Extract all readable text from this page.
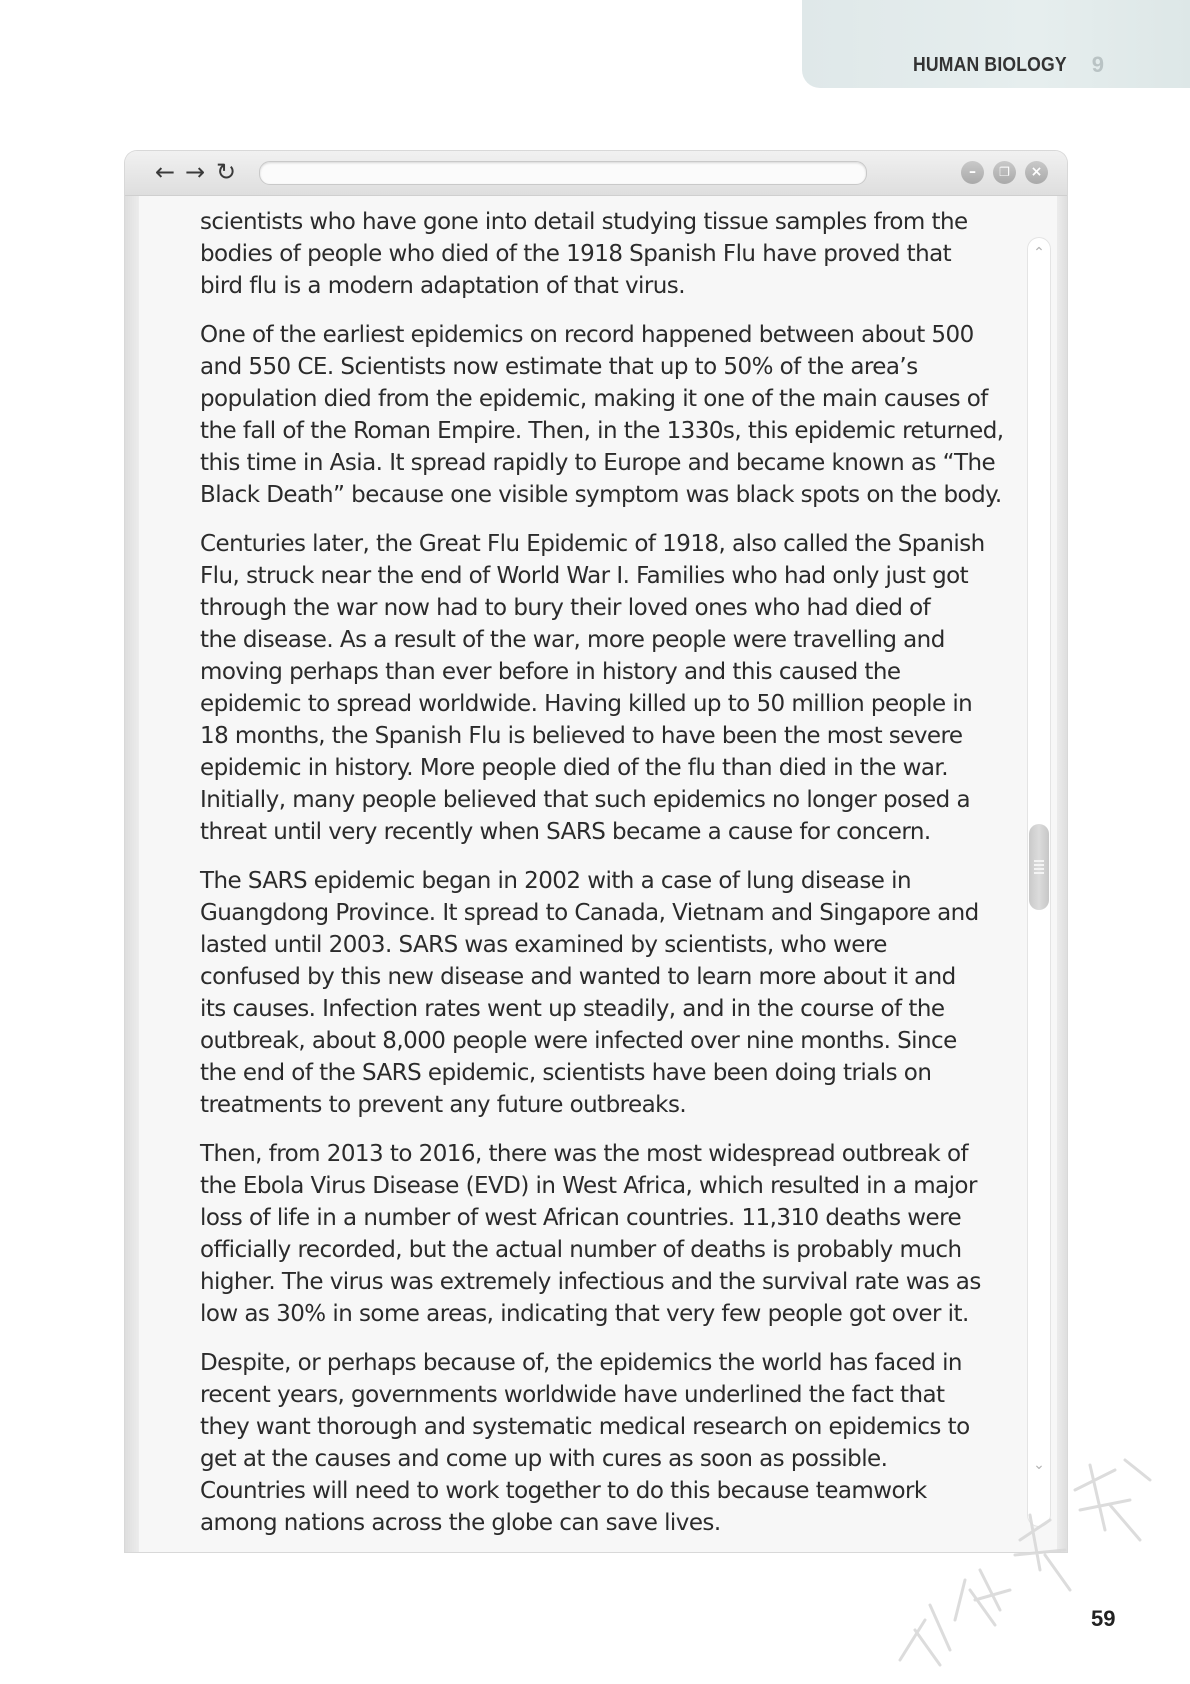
HUMAN BIOLOGY 9
← → ↻	–	❐	×

scientists who have gone into detail studying tissue samples from the
bodies of people who died of the 1918 Spanish Flu have proved that
bird flu is a modern adaptation of that virus.

One of the earliest epidemics on record happened between about 500
and 550 CE. Scientists now estimate that up to 50% of the area’s
population died from the epidemic, making it one of the main causes of
the fall of the Roman Empire. Then, in the 1330s, this epidemic returned,
this time in Asia. It spread rapidly to Europe and became known as “The
Black Death” because one visible symptom was black spots on the body.

Centuries later, the Great Flu Epidemic of 1918, also called the Spanish
Flu, struck near the end of World War I. Families who had only just got
through the war now had to bury their loved ones who had died of
the disease. As a result of the war, more people were travelling and
moving perhaps than ever before in history and this caused the
epidemic to spread worldwide. Having killed up to 50 million people in
18 months, the Spanish Flu is believed to have been the most severe
epidemic in history. More people died of the flu than died in the war.
Initially, many people believed that such epidemics no longer posed a
threat until very recently when SARS became a cause for concern.

The SARS epidemic began in 2002 with a case of lung disease in
Guangdong Province. It spread to Canada, Vietnam and Singapore and
lasted until 2003. SARS was examined by scientists, who were
confused by this new disease and wanted to learn more about it and
its causes. Infection rates went up steadily, and in the course of the
outbreak, about 8,000 people were infected over nine months. Since
the end of the SARS epidemic, scientists have been doing trials on
treatments to prevent any future outbreaks.

Then, from 2013 to 2016, there was the most widespread outbreak of
the Ebola Virus Disease (EVD) in West Africa, which resulted in a major
loss of life in a number of west African countries. 11,310 deaths were
officially recorded, but the actual number of deaths is probably much
higher. The virus was extremely infectious and the survival rate was as
low as 30% in some areas, indicating that very few people got over it.

Despite, or perhaps because of, the epidemics the world has faced in
recent years, governments worldwide have underlined the fact that
they want thorough and systematic medical research on epidemics to
get at the causes and come up with cures as soon as possible.
Countries will need to work together to do this because teamwork
among nations across the globe can save lives.

⌃
⌄
59
